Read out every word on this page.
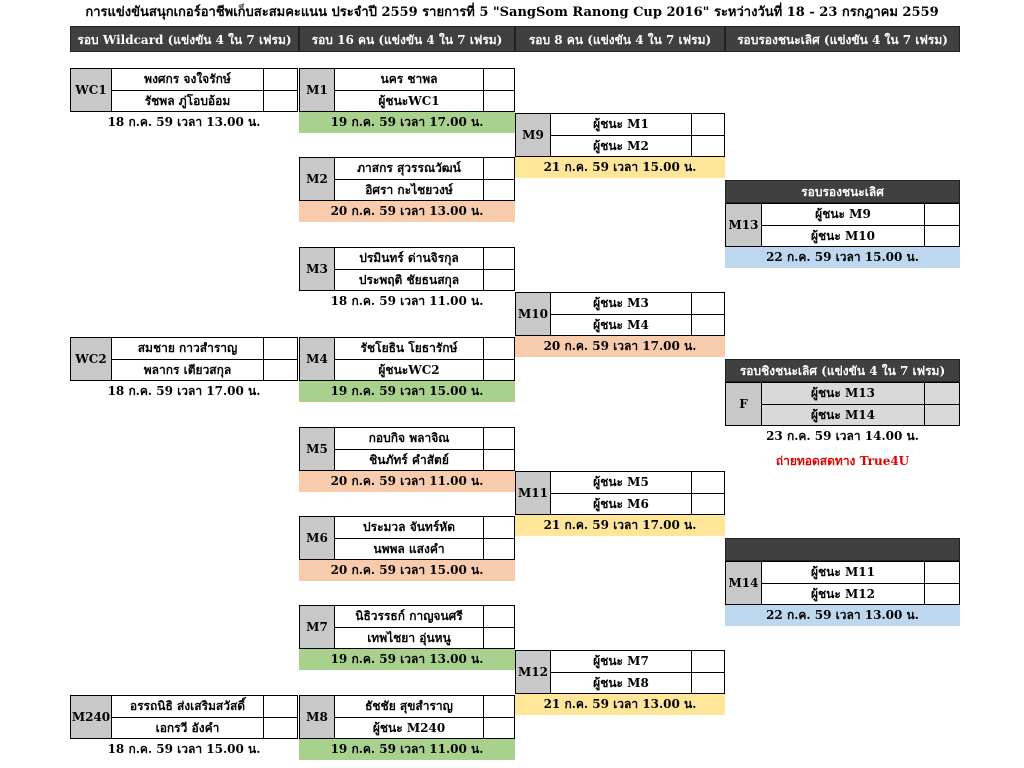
การแข่งขันสนุกเกอร์อาชีพเก็บสะสมคะแนน ประจำปี 2559 รายการที่ 5 "SangSom Ranong Cup 2016" ระหว่างวันที่ 18 - 23 กรกฎาคม 2559
รอบ Wildcard (แข่งขัน 4 ใน 7 เฟรม)	รอบ 16 คน (แข่งขัน 4 ใน 7 เฟรม)	รอบ 8 คน (แข่งขัน 4 ใน 7 เฟรม)	รอบรองชนะเลิศ (แข่งขัน 4 ใน 7 เฟรม)
รอบรองชนะเลิศ
รอบชิงชนะเลิศ (แข่งขัน 4 ใน 7 เฟรม)
WC1
พงศกร จงใจรักษ์
รัชพล ภู่โอบอ้อม
18 ก.ค. 59 เวลา 13.00 น.
WC2
สมชาย กาวสำราญ
พลากร เตียวสกุล
18 ก.ค. 59 เวลา 17.00 น.
M240
อรรถนิธิ ส่งเสริมสวัสดิ์
เอกรวี อังคำ
18 ก.ค. 59 เวลา 15.00 น.
M1
นคร ชาพล
ผู้ชนะWC1
19 ก.ค. 59 เวลา 17.00 น.
M2
ภาสกร สุวรรณวัฒน์
อิศรา กะไชยวงษ์
20 ก.ค. 59 เวลา 13.00 น.
M3
ปรมินทร์ ด่านจิรกุล
ประพฤติ ชัยธนสกุล
18 ก.ค. 59 เวลา 11.00 น.
M4
รัชโยธิน โยธารักษ์
ผู้ชนะWC2
19 ก.ค. 59 เวลา 15.00 น.
M5
กอบกิจ พลาจิณ
ชินภัทร์ คำสัตย์
20 ก.ค. 59 เวลา 11.00 น.
M6
ประมวล จันทร์หัด
นพพล แสงคำ
20 ก.ค. 59 เวลา 15.00 น.
M7
นิธิวรรธก์ กาญจนศรี
เทพไชยา อุ่นหนู
19 ก.ค. 59 เวลา 13.00 น.
M8
ธัชชัย สุขสำราญ
ผู้ชนะ M240
19 ก.ค. 59 เวลา 11.00 น.
M9
ผู้ชนะ M1
ผู้ชนะ M2
21 ก.ค. 59 เวลา 15.00 น.
M10
ผู้ชนะ M3
ผู้ชนะ M4
20 ก.ค. 59 เวลา 17.00 น.
M11
ผู้ชนะ M5
ผู้ชนะ M6
21 ก.ค. 59 เวลา 17.00 น.
M12
ผู้ชนะ M7
ผู้ชนะ M8
21 ก.ค. 59 เวลา 13.00 น.
M13
ผู้ชนะ M9
ผู้ชนะ M10
22 ก.ค. 59 เวลา 15.00 น.
M14
ผู้ชนะ M11
ผู้ชนะ M12
22 ก.ค. 59 เวลา 13.00 น.
F
ผู้ชนะ M13
ผู้ชนะ M14
23 ก.ค. 59 เวลา 14.00 น.
ถ่ายทอดสดทาง True4U
